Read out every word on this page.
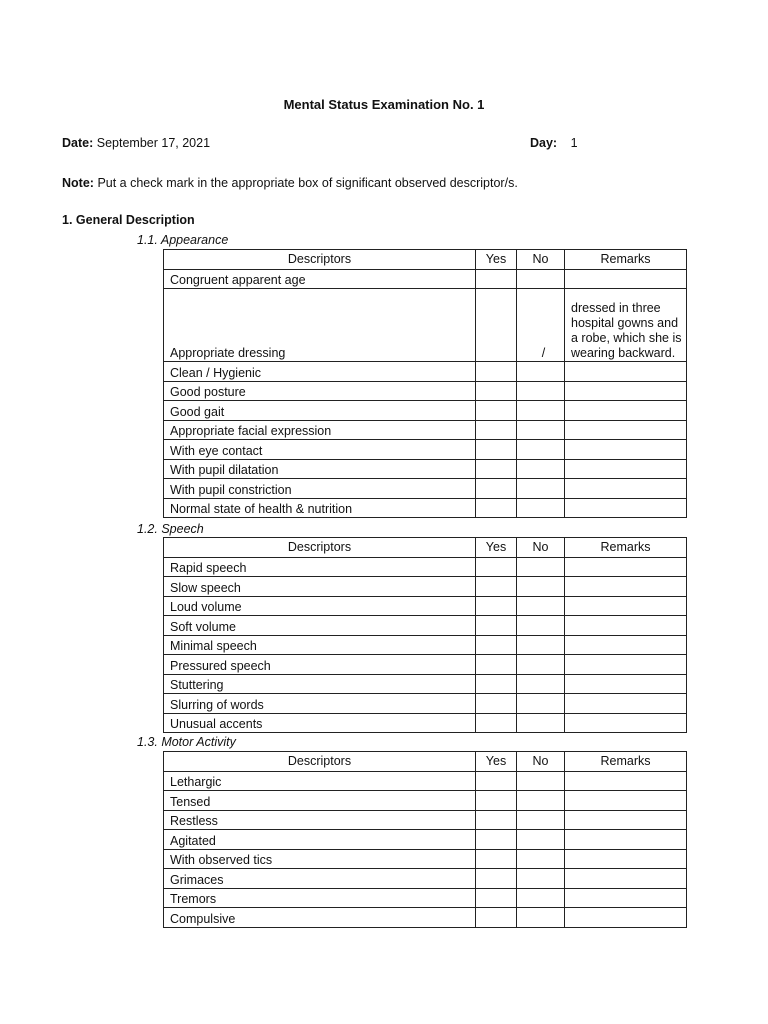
Mental Status Examination No. 1
Date: September 17, 2021	Day: 1
Note: Put a check mark in the appropriate box of significant observed descriptor/s.
1. General Description
1.1. Appearance
Descriptors	Yes	No	Remarks
Congruent apparent age			
Appropriate dressing		/	dressed in three hospital gowns and a robe, which she is wearing backward.
Clean / Hygienic			
Good posture			
Good gait			
Appropriate facial expression			
With eye contact			
With pupil dilatation			
With pupil constriction			
Normal state of health & nutrition			
1.2. Speech
Descriptors	Yes	No	Remarks
Rapid speech			
Slow speech			
Loud volume			
Soft volume			
Minimal speech			
Pressured speech			
Stuttering			
Slurring of words			
Unusual accents			
1.3. Motor Activity
Descriptors	Yes	No	Remarks
Lethargic			
Tensed			
Restless			
Agitated			
With observed tics			
Grimaces			
Tremors			
Compulsive			
